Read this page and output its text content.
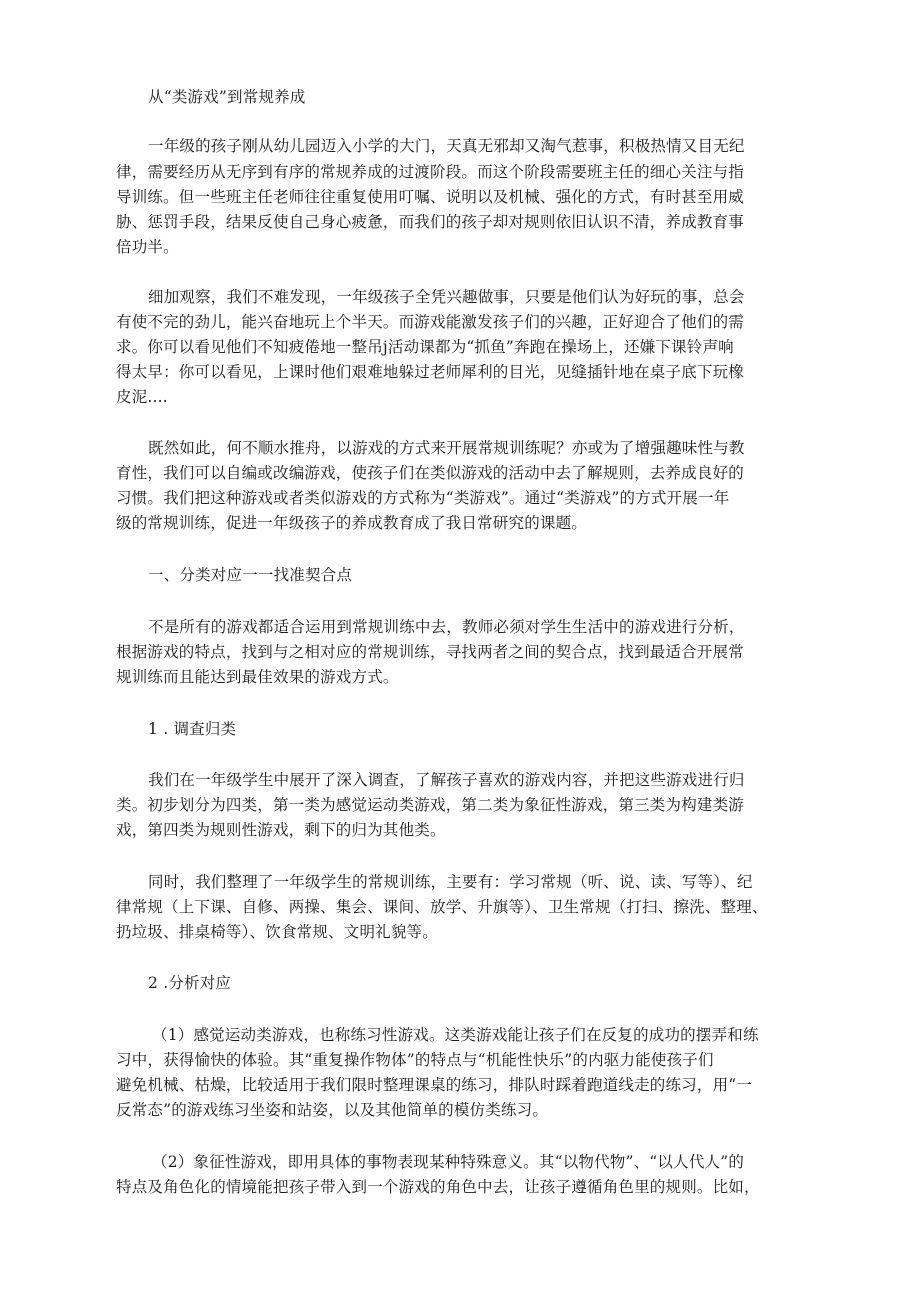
从“类游戏”到常规养成
一年级的孩子刚从幼儿园迈入小学的大门，天真无邪却又淘气惹事，积极热情又目无纪
律，需要经历从无序到有序的常规养成的过渡阶段。而这个阶段需要班主任的细心关注与指
导训练。但一些班主任老师往往重复使用叮嘱、说明以及机械、强化的方式，有时甚至用威
胁、惩罚手段，结果反使自己身心疲惫，而我们的孩子却对规则依旧认识不清，养成教育事
倍功半。
细加观察，我们不难发现，一年级孩子全凭兴趣做事，只要是他们认为好玩的事，总会
有使不完的劲儿，能兴奋地玩上个半天。而游戏能激发孩子们的兴趣，正好迎合了他们的需
求。你可以看见他们不知疲倦地一整吊j活动课都为“抓鱼”奔跑在操场上，还嫌下课铃声响
得太早：你可以看见，上课时他们艰难地躲过老师犀利的目光，见缝插针地在桌子底下玩橡
皮泥....
既然如此，何不顺水推舟，以游戏的方式来开展常规训练呢？亦或为了增强趣味性与教
育性，我们可以自编或改编游戏，使孩子们在类似游戏的活动中去了解规则，去养成良好的
习惯。我们把这种游戏或者类似游戏的方式称为“类游戏”。通过“类游戏”的方式开展一年
级的常规训练，促进一年级孩子的养成教育成了我日常研究的课题。
一、分类对应一一找准契合点
不是所有的游戏都适合运用到常规训练中去，教师必须对学生生活中的游戏进行分析，
根据游戏的特点，找到与之相对应的常规训练，寻找两者之间的契合点，找到最适合开展常
规训练而且能达到最佳效果的游戏方式。
1 . 调查归类
我们在一年级学生中展开了深入调查，了解孩子喜欢的游戏内容，并把这些游戏进行归
类。初步划分为四类，第一类为感觉运动类游戏，第二类为象征性游戏，第三类为构建类游
戏，第四类为规则性游戏，剩下的归为其他类。
同时，我们整理了一年级学生的常规训练，主要有：学习常规（听、说、读、写等）、纪
律常规（上下课、自修、两操、集会、课间、放学、升旗等）、卫生常规（打扫、擦洗、整理、
扔垃圾、排桌椅等）、饮食常规、文明礼貌等。
2 .分析对应
（1）感觉运动类游戏，也称练习性游戏。这类游戏能让孩子们在反复的成功的摆弄和练
习中，获得愉快的体验。其“重复操作物体”的特点与“机能性快乐”的内驱力能使孩子们
避免机械、枯燥，比较适用于我们限时整理课桌的练习，排队时踩着跑道线走的练习，用“一
反常态”的游戏练习坐姿和站姿，以及其他简单的模仿类练习。
（2）象征性游戏，即用具体的事物表现某种特殊意义。其“以物代物”、“以人代人”的
特点及角色化的情境能把孩子带入到一个游戏的角色中去，让孩子遵循角色里的规则。比如，
